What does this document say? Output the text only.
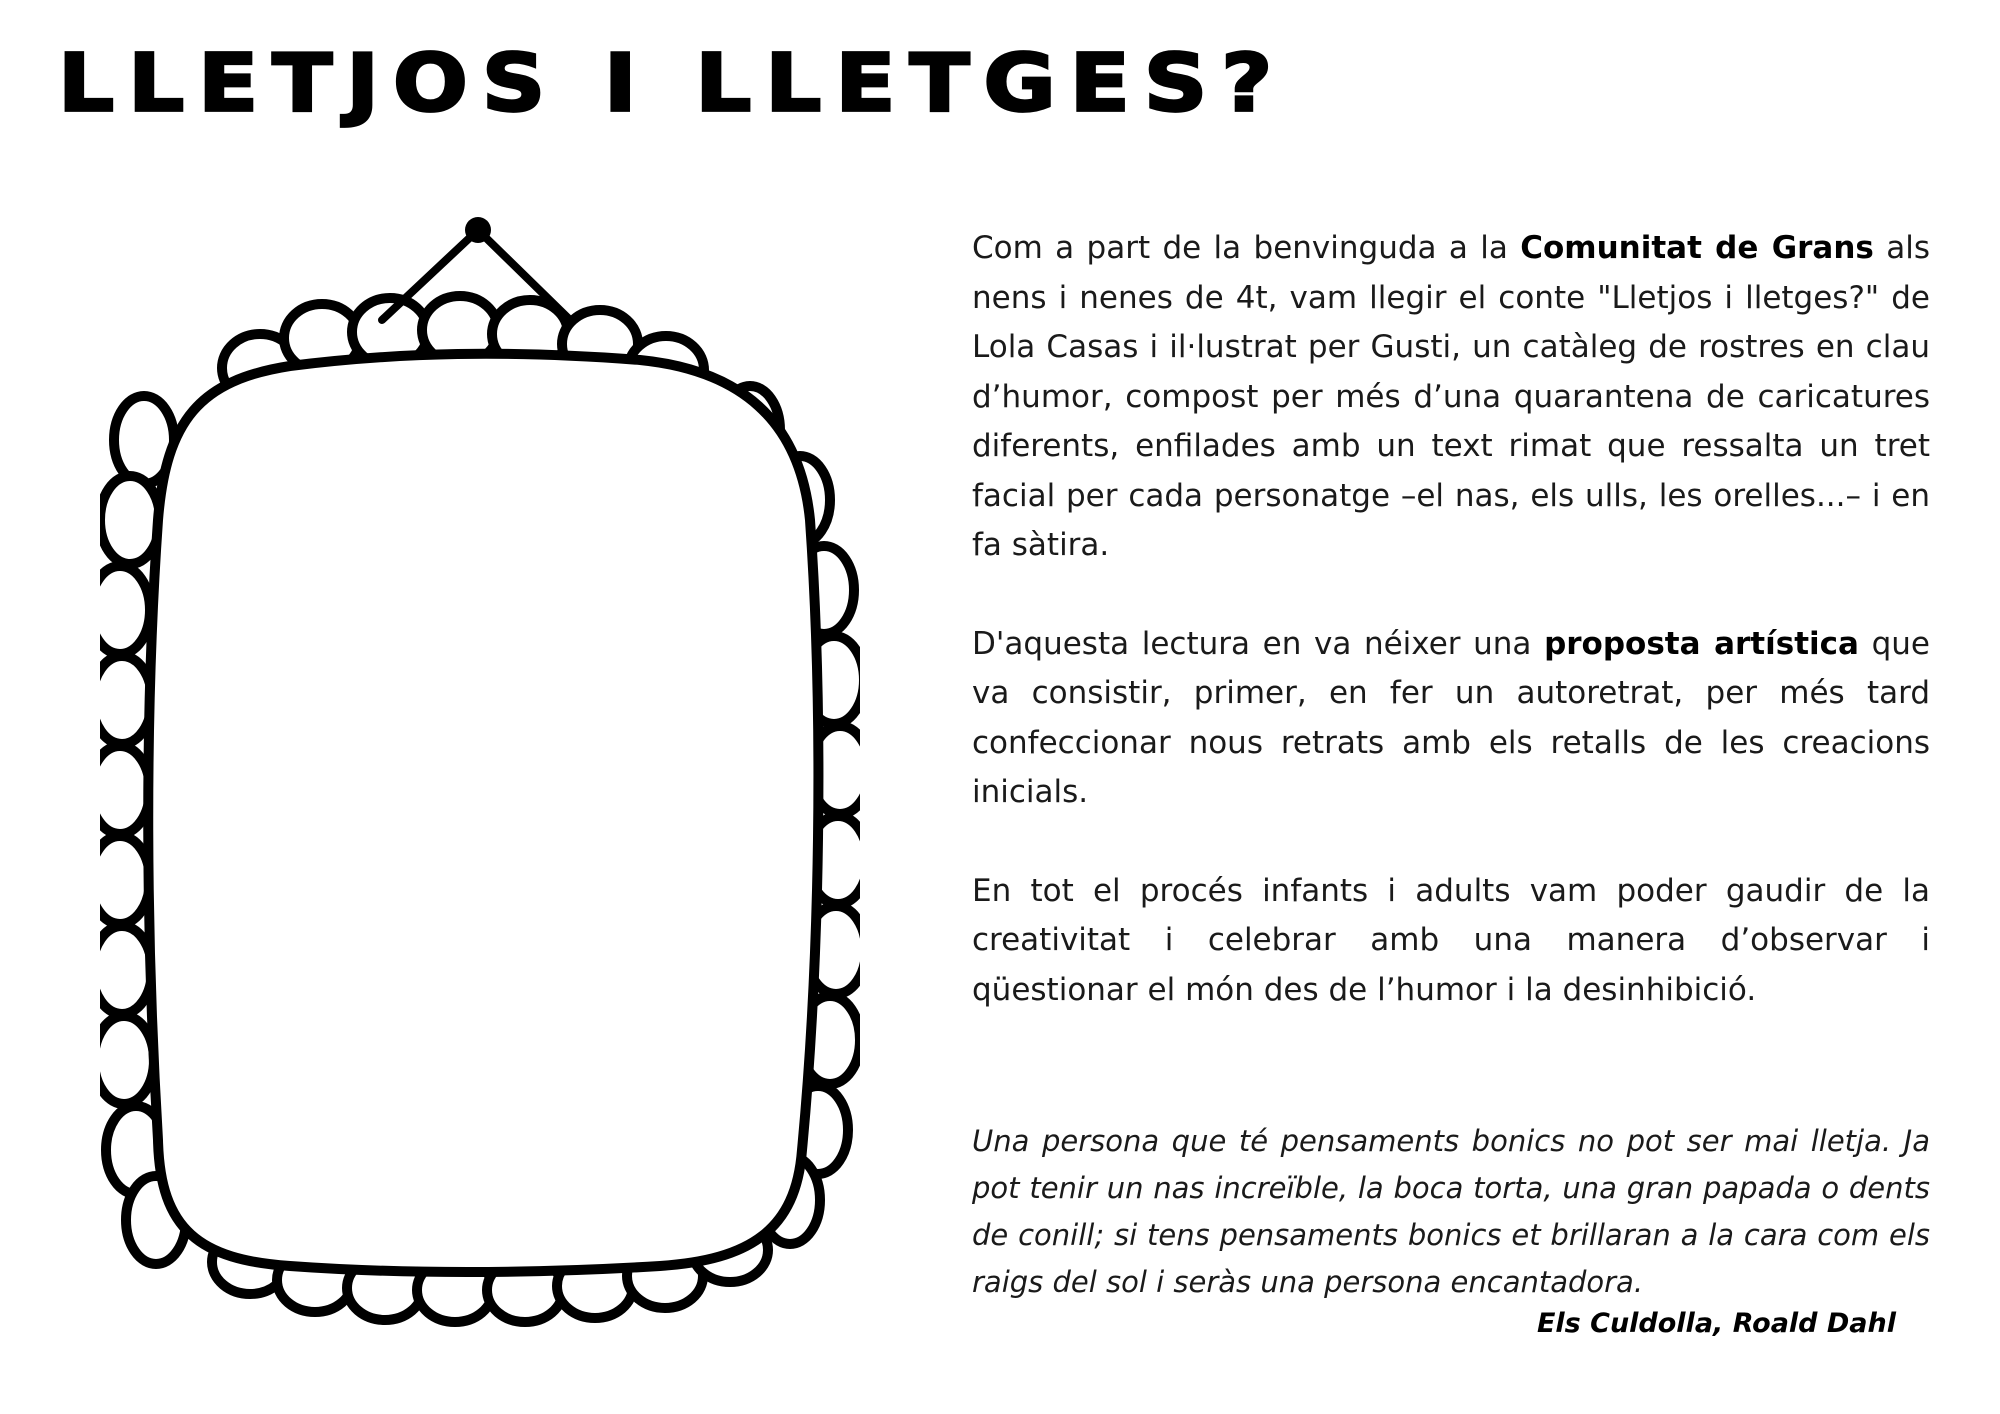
LLETJOS I LLETGES?

Com a part de la benvinguda a la Comunitat de Grans als nens i nenes de 4t, vam llegir el conte "Lletjos i lletges?" de Lola Casas i il·lustrat per Gusti, un catàleg de rostres en clau d’humor, compost per més d’una quarantena de caricatures diferents, enfilades amb un text rimat que ressalta un tret facial per cada personatge –el nas, els ulls, les orelles...– i en fa sàtira.

D'aquesta lectura en va néixer una proposta artística que va consistir, primer, en fer un autoretrat, per més tard confeccionar nous retrats amb els retalls de les creacions inicials.

En tot el procés infants i adults vam poder gaudir de la creativitat i celebrar amb una manera d’observar i qüestionar el món des de l’humor i la desinhibició.

Una persona que té pensaments bonics no pot ser mai lletja. Ja pot tenir un nas increïble, la boca torta, una gran papada o dents de conill; si tens pensaments bonics et brillaran a la cara com els raigs del sol i seràs una persona encantadora.

Els Culdolla, Roald Dahl
